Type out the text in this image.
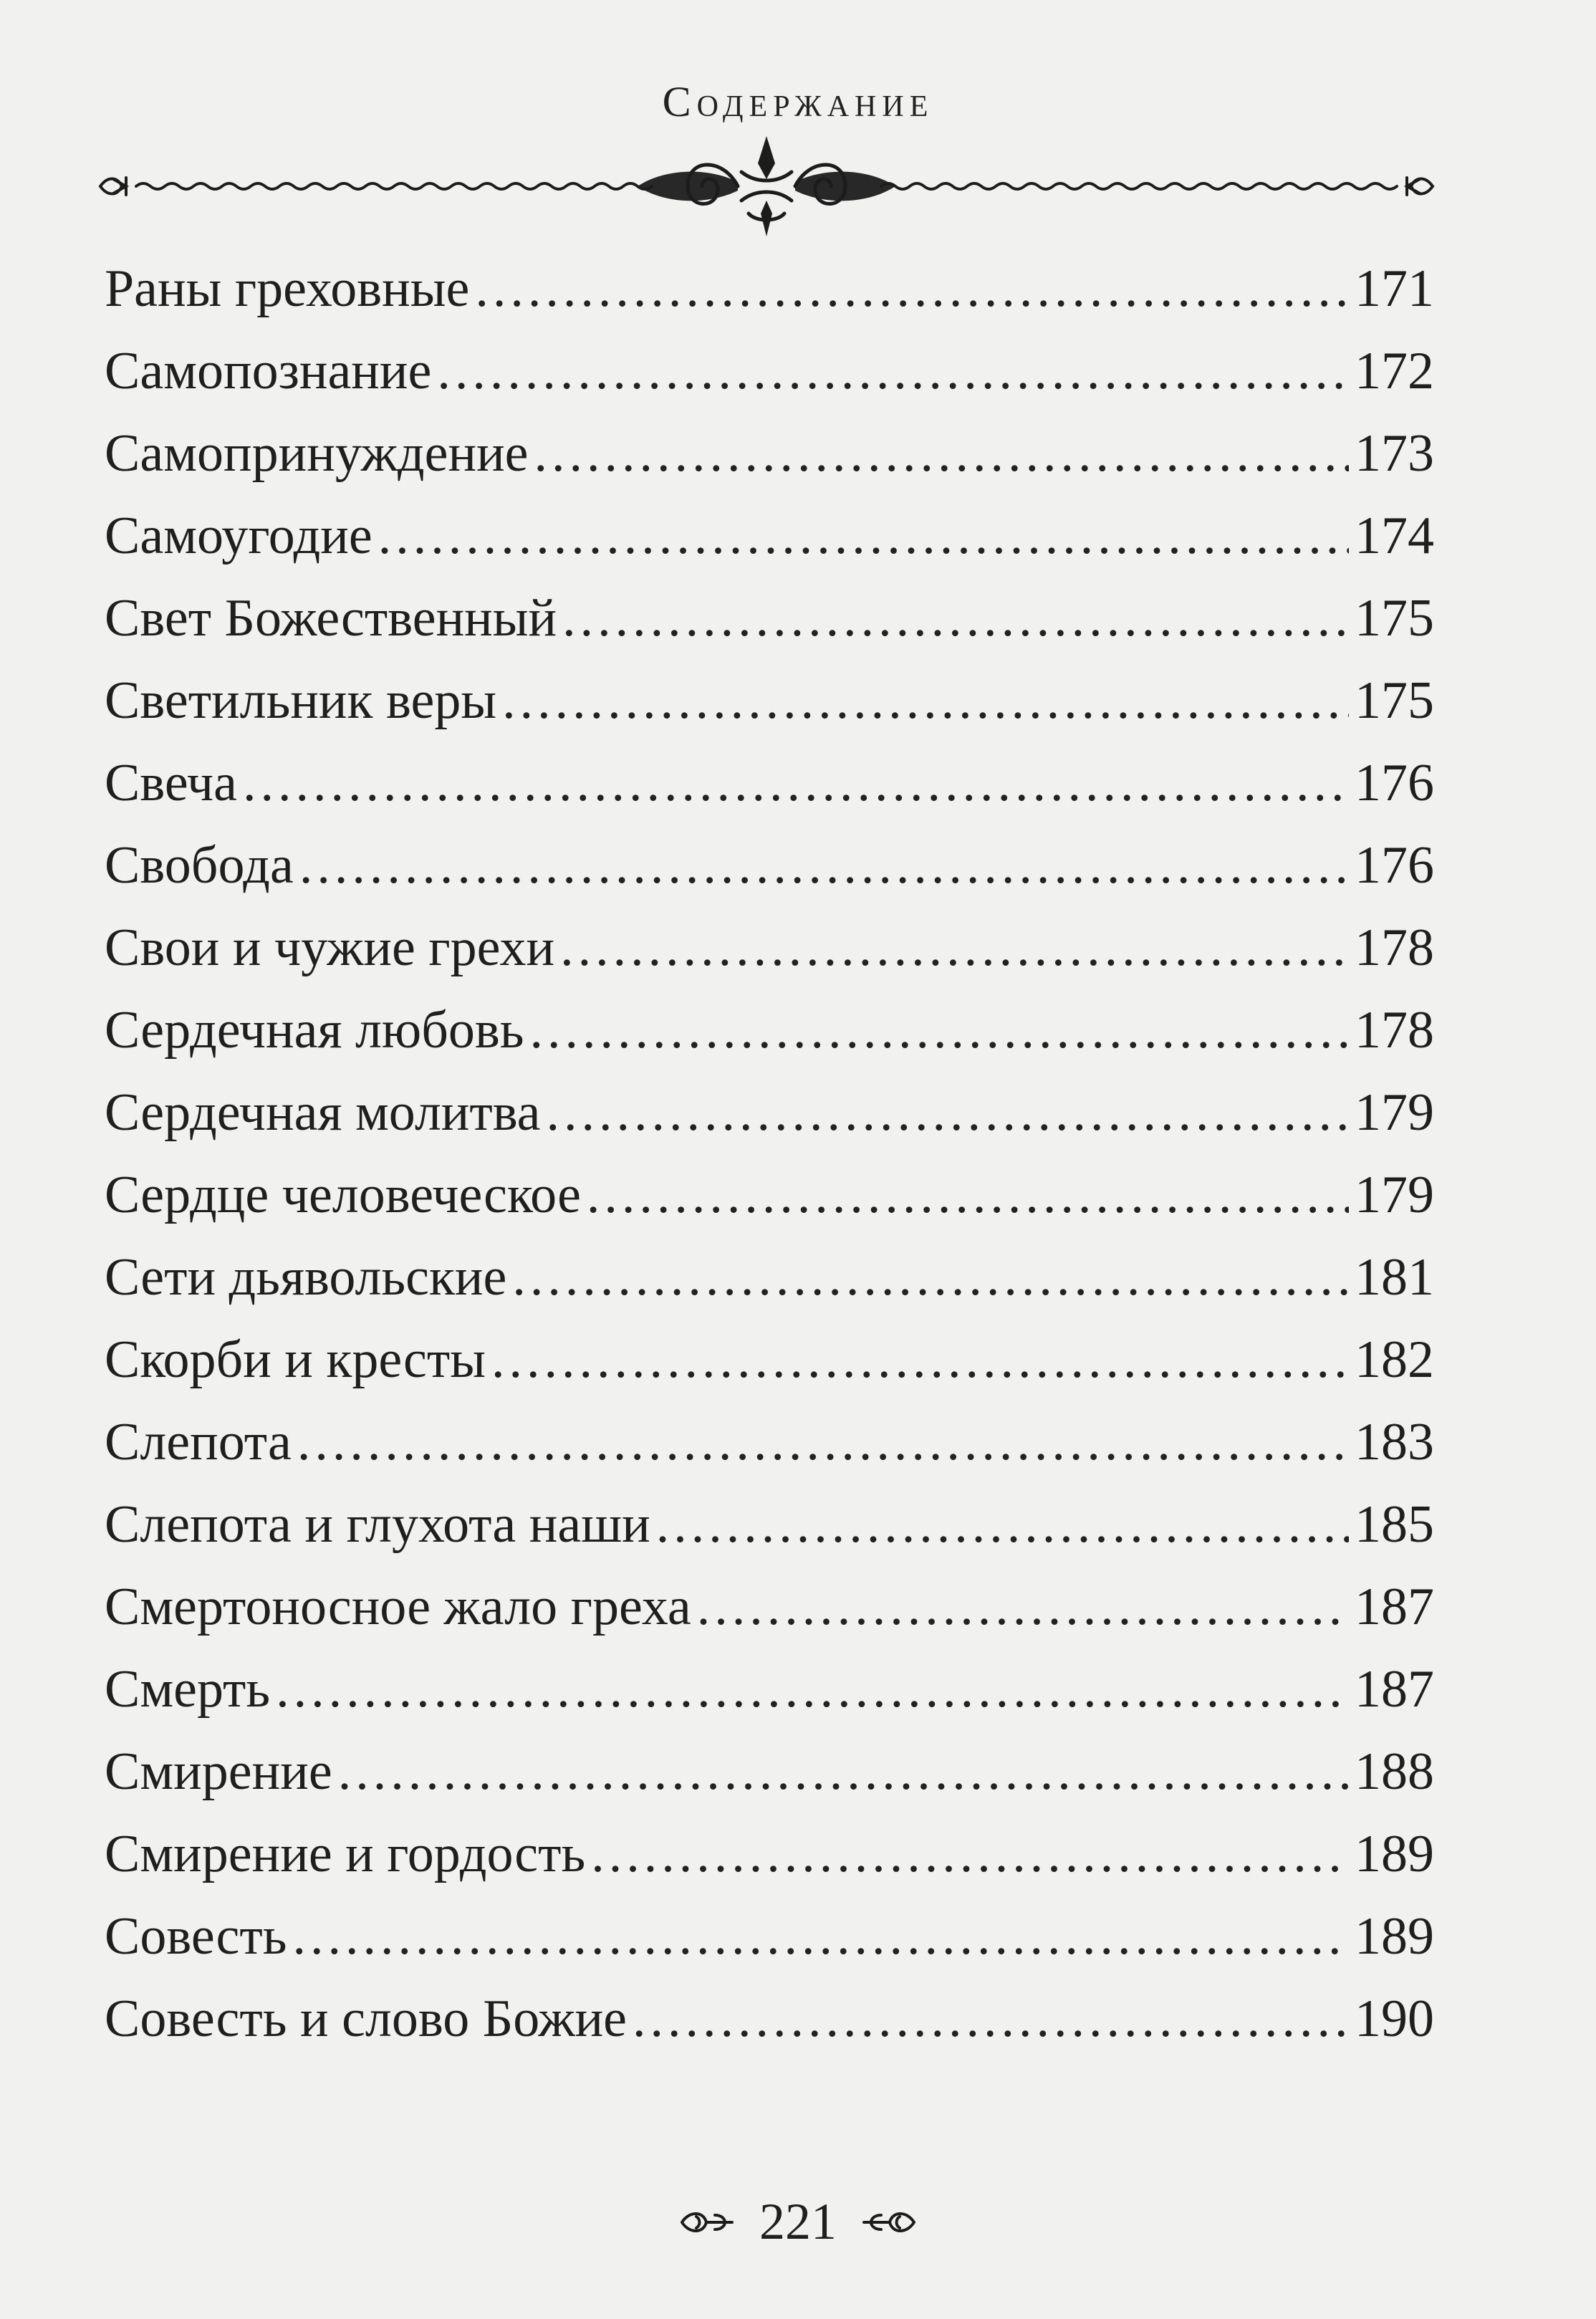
Содержание
Раны греховные .....	171
Самопознание .....	172
Самопринуждение .....	173
Самоугодие .....	174
Свет Божественный .....	175
Светильник веры .....	175
Свеча .....	176
Свобода .....	176
Свои и чужие грехи .....	178
Сердечная любовь .....	178
Сердечная молитва .....	179
Сердце человеческое .....	179
Сети дьявольские .....	181
Скорби и кресты .....	182
Слепота .....	183
Слепота и глухота наши .....	185
Смертоносное жало греха .....	187
Смерть .....	187
Смирение .....	188
Смирение и гордость .....	189
Совесть .....	189
Совесть и слово Божие .....	190
221
